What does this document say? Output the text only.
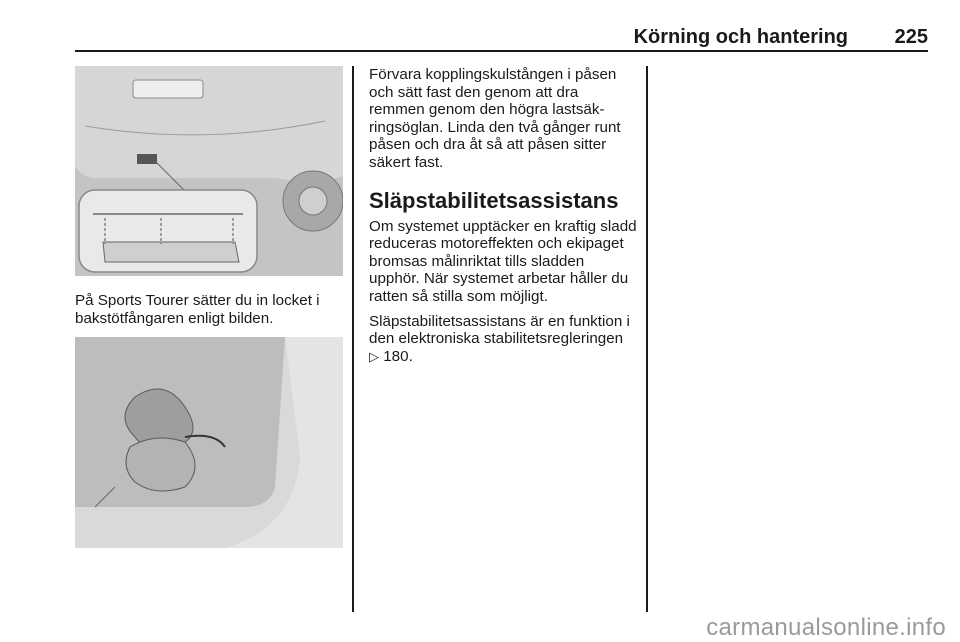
Körning och hantering	225
På Sports Tourer sätter du in locket i bakstötfångaren enligt bilden.

Förvara kopplingskulstången i påsen och sätt fast den genom att dra remmen genom den högra lastsäkringsöglan. Linda den två gånger runt påsen och dra åt så att påsen sitter säkert fast.

Släpstabilitetsassistans

Om systemet upptäcker en kraftig sladd reduceras motoreffekten och ekipaget bromsas målinriktat tills sladden upphör. När systemet arbetar håller du ratten så stilla som möjligt.

Släpstabilitetsassistans är en funktion i den elektroniska stabilitetsregleringen ▷ 180.

carmanualsonline.info
